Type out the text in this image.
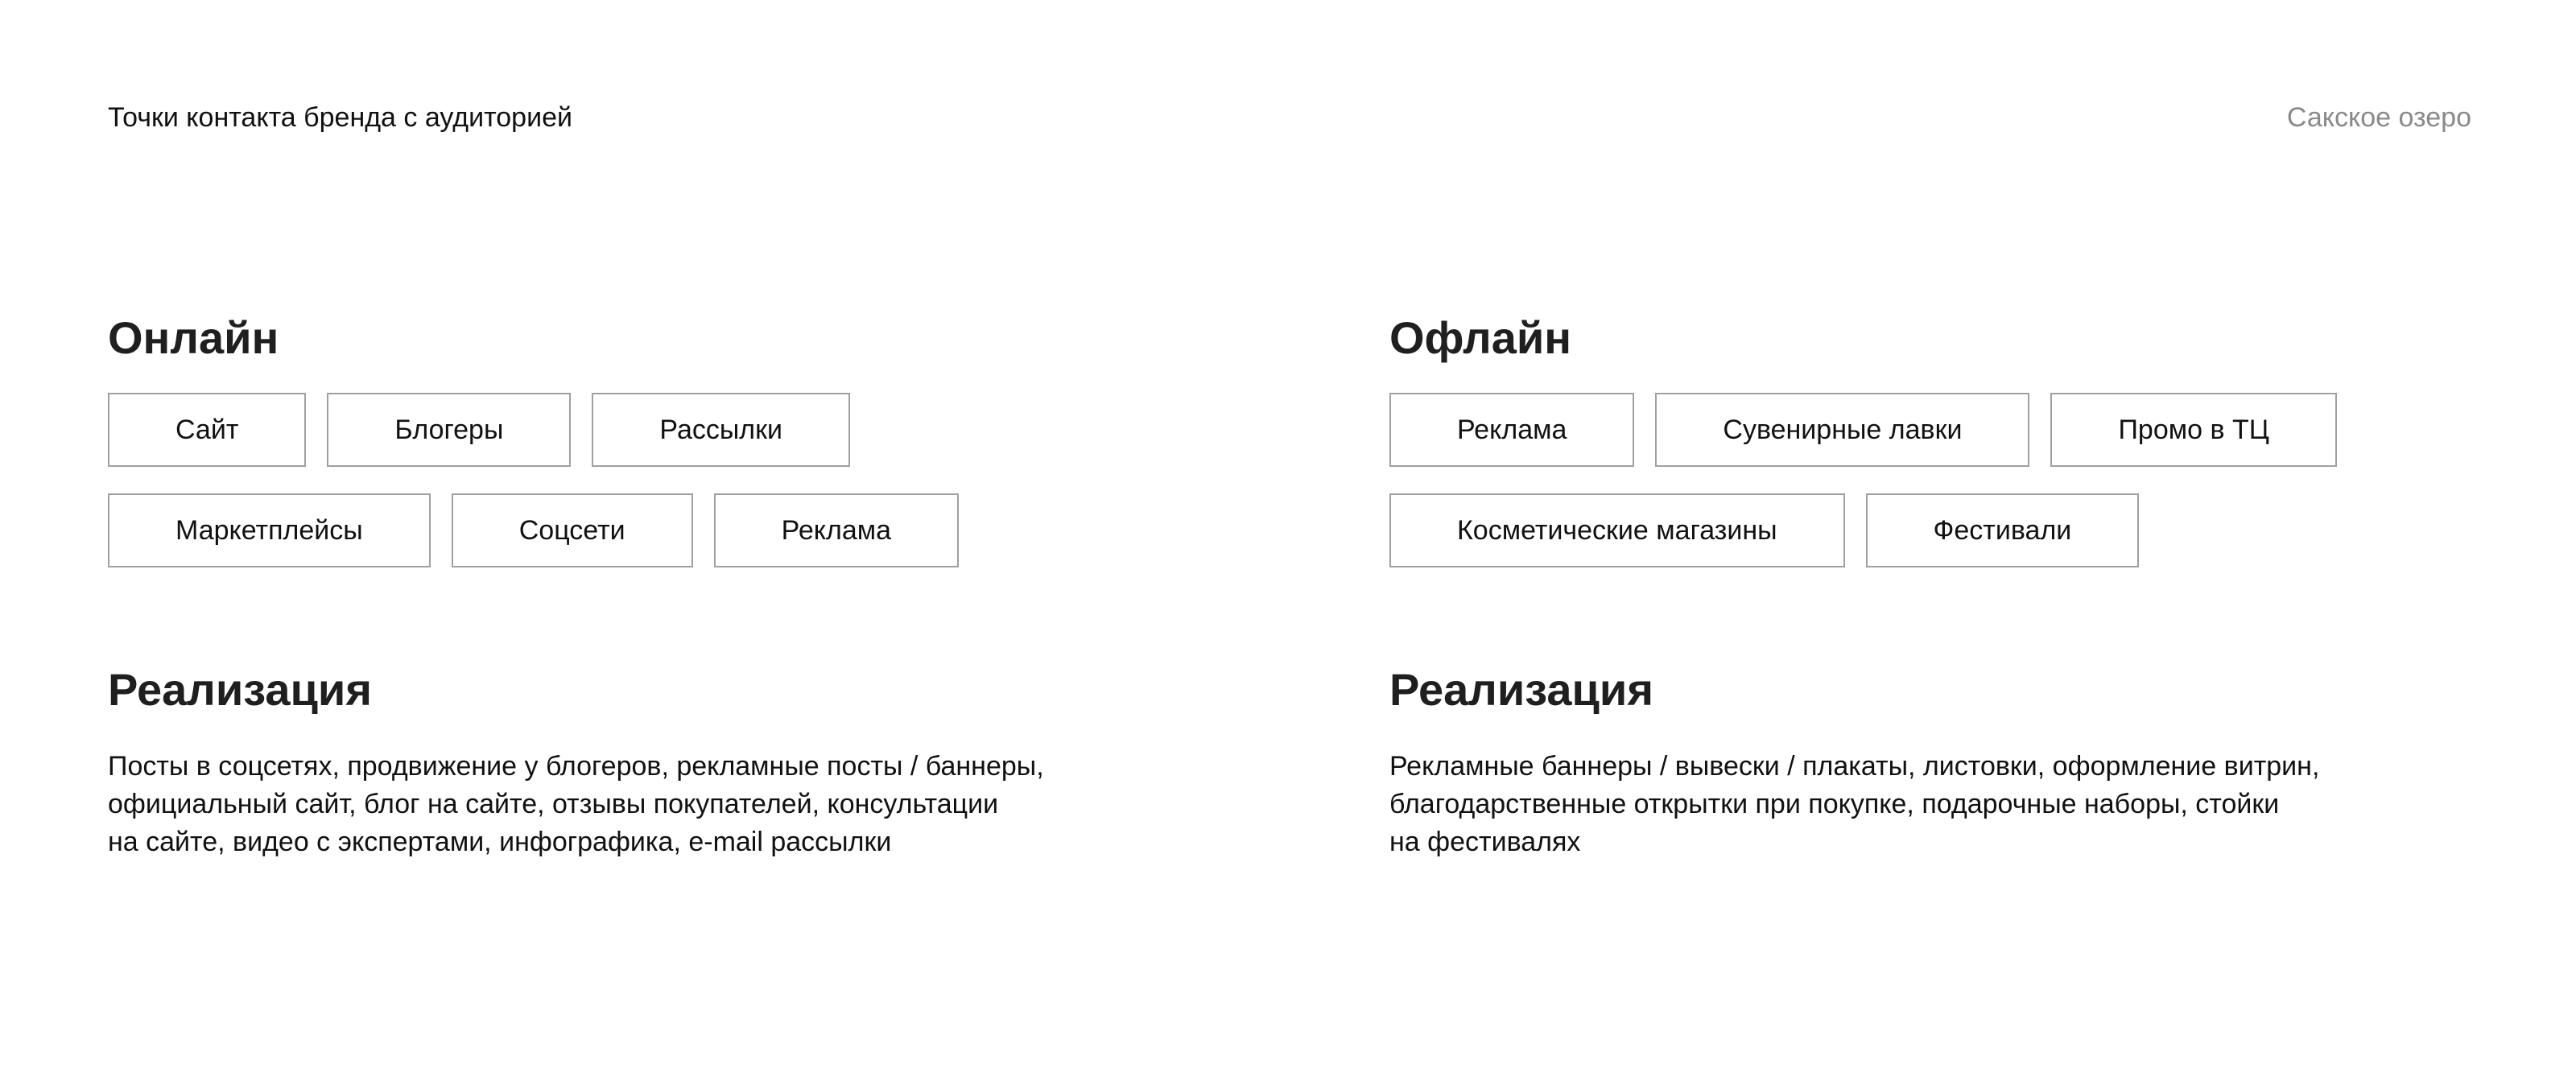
Точки контакта бренда с аудиторией	Сакское озеро
Онлайн
Сайт	Блогеры	Рассылки
Маркетплейсы	Соцсети	Реклама
Реализация

Посты в соцсетях, продвижение у блогеров, рекламные посты / баннеры,
официальный сайт, блог на сайте, отзывы покупателей, консультации
на сайте, видео с экспертами, инфографика, e-mail рассылки

Офлайн
Реклама	Сувенирные лавки	Промо в ТЦ
Косметические магазины	Фестивали
Реализация

Рекламные баннеры / вывески / плакаты, листовки, оформление витрин,
благодарственные открытки при покупке, подарочные наборы, стойки
на фестивалях
